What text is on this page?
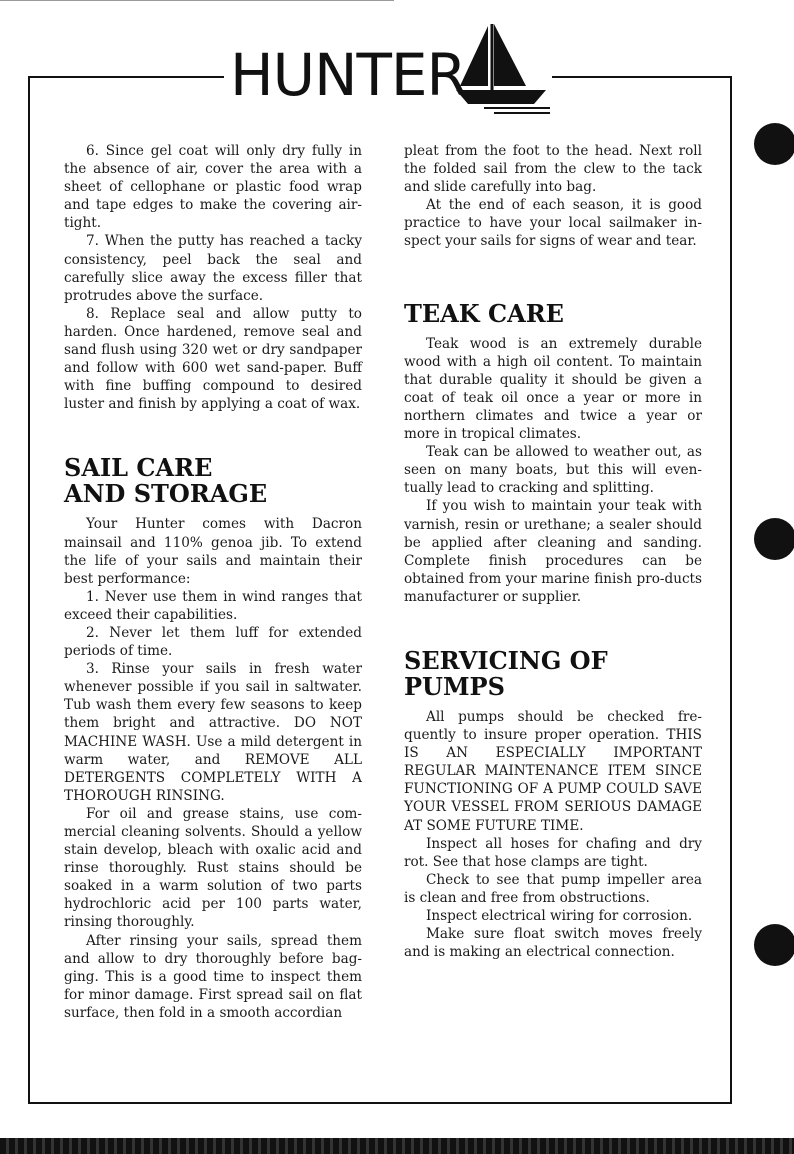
HUNTER

6. Since gel coat will only dry fully in the absence of air, cover the area with a sheet of cellophane or plastic food wrap and tape edges to make the covering air-tight.

7. When the putty has reached a tacky consistency, peel back the seal and carefully slice away the excess filler that protrudes above the surface.

8. Replace seal and allow putty to harden. Once hardened, remove seal and sand flush using 320 wet or dry sandpaper and follow with 600 wet sand-paper. Buff with fine buffing compound to desired luster and finish by applying a coat of wax.

SAIL CARE
AND STORAGE

Your Hunter comes with Dacron mainsail and 110% genoa jib. To extend the life of your sails and maintain their best performance:

1. Never use them in wind ranges that exceed their capabilities.

2. Never let them luff for extended periods of time.

3. Rinse your sails in fresh water whenever possible if you sail in saltwater. Tub wash them every few seasons to keep them bright and attractive. DO NOT MACHINE WASH. Use a mild detergent in warm water, and REMOVE ALL DETERGENTS COMPLETELY WITH A THOROUGH RINSING.

For oil and grease stains, use com-mercial cleaning solvents. Should a yellow stain develop, bleach with oxalic acid and rinse thoroughly. Rust stains should be soaked in a warm solution of two parts hydrochloric acid per 100 parts water, rinsing thoroughly.

After rinsing your sails, spread them and allow to dry thoroughly before bag-ging. This is a good time to inspect them for minor damage. First spread sail on flat surface, then fold in a smooth accordian

pleat from the foot to the head. Next roll the folded sail from the clew to the tack and slide carefully into bag.

At the end of each season, it is good practice to have your local sailmaker in-spect your sails for signs of wear and tear.

TEAK CARE

Teak wood is an extremely durable wood with a high oil content. To maintain that durable quality it should be given a coat of teak oil once a year or more in northern climates and twice a year or more in tropical climates.

Teak can be allowed to weather out, as seen on many boats, but this will even-tually lead to cracking and splitting.

If you wish to maintain your teak with varnish, resin or urethane; a sealer should be applied after cleaning and sanding. Complete finish procedures can be obtained from your marine finish pro-ducts manufacturer or supplier.

SERVICING OF
PUMPS

All pumps should be checked fre-quently to insure proper operation. THIS IS AN ESPECIALLY IMPORTANT REGULAR MAINTENANCE ITEM SINCE FUNCTIONING OF A PUMP COULD SAVE YOUR VESSEL FROM SERIOUS DAMAGE AT SOME FUTURE TIME.

Inspect all hoses for chafing and dry rot. See that hose clamps are tight.

Check to see that pump impeller area is clean and free from obstructions.

Inspect electrical wiring for corrosion.

Make sure float switch moves freely and is making an electrical connection.
